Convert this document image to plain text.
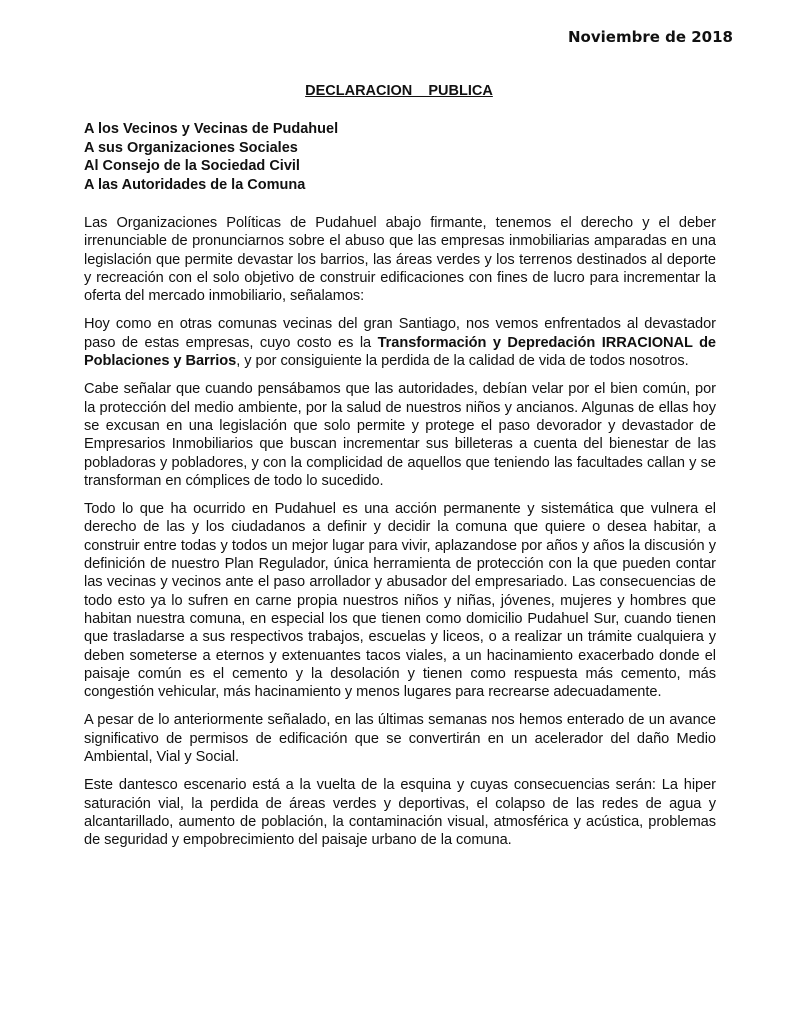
Noviembre de 2018
DECLARACION    PUBLICA
A los Vecinos y Vecinas de Pudahuel
A sus Organizaciones Sociales
Al Consejo de la Sociedad Civil
A las Autoridades de la Comuna

Las Organizaciones Políticas de Pudahuel abajo firmante, tenemos el derecho y el deber irrenunciable de pronunciarnos sobre el abuso que las empresas inmobiliarias amparadas en una legislación que permite devastar los barrios, las áreas verdes y los terrenos destinados al deporte y recreación con el solo objetivo de construir edificaciones con fines de lucro para incrementar la oferta del mercado inmobiliario, señalamos:

Hoy como en otras comunas vecinas del gran Santiago, nos vemos enfrentados al devastador paso de estas empresas, cuyo costo es la Transformación y Depredación IRRACIONAL de Poblaciones y Barrios, y por consiguiente la perdida de la calidad de vida de todos nosotros.

Cabe señalar que cuando pensábamos que las autoridades, debían velar por el bien común, por la protección del medio ambiente, por la salud de nuestros niños y ancianos. Algunas de ellas hoy se excusan en una legislación que solo permite y protege el paso devorador y devastador de Empresarios Inmobiliarios que buscan incrementar sus billeteras a cuenta del bienestar de las pobladoras y pobladores, y con la complicidad de aquellos que teniendo las facultades callan y se transforman en cómplices de todo lo sucedido.

Todo lo que ha ocurrido en Pudahuel es una acción permanente y sistemática que vulnera el derecho de las y los ciudadanos a definir y decidir la comuna que quiere o desea habitar, a construir entre todas y todos un mejor lugar para vivir, aplazandose por años y años la discusión y definición de nuestro Plan Regulador, única herramienta de protección con la que pueden contar las vecinas y vecinos ante el paso arrollador y abusador del empresariado. Las consecuencias de todo esto ya lo sufren en carne propia nuestros niños y niñas, jóvenes, mujeres y hombres que habitan nuestra comuna, en especial los que tienen como domicilio Pudahuel Sur, cuando tienen que trasladarse a sus respectivos trabajos, escuelas y liceos, o a realizar un trámite cualquiera y deben someterse a eternos y extenuantes tacos viales, a un hacinamiento exacerbado donde el paisaje común es el cemento y la desolación y tienen como respuesta más cemento, más congestión vehicular, más hacinamiento y menos lugares para recrearse adecuadamente.

A pesar de lo anteriormente señalado, en las últimas semanas nos hemos enterado de un avance significativo de permisos de edificación que se convertirán en un acelerador del daño Medio Ambiental, Vial y Social.

Este dantesco escenario está a la vuelta de la esquina y cuyas consecuencias serán: La hiper saturación vial, la perdida de áreas verdes y deportivas, el colapso de las redes de agua y alcantarillado, aumento de población, la contaminación visual, atmosférica y acústica, problemas de seguridad y empobrecimiento del paisaje urbano de la comuna.
